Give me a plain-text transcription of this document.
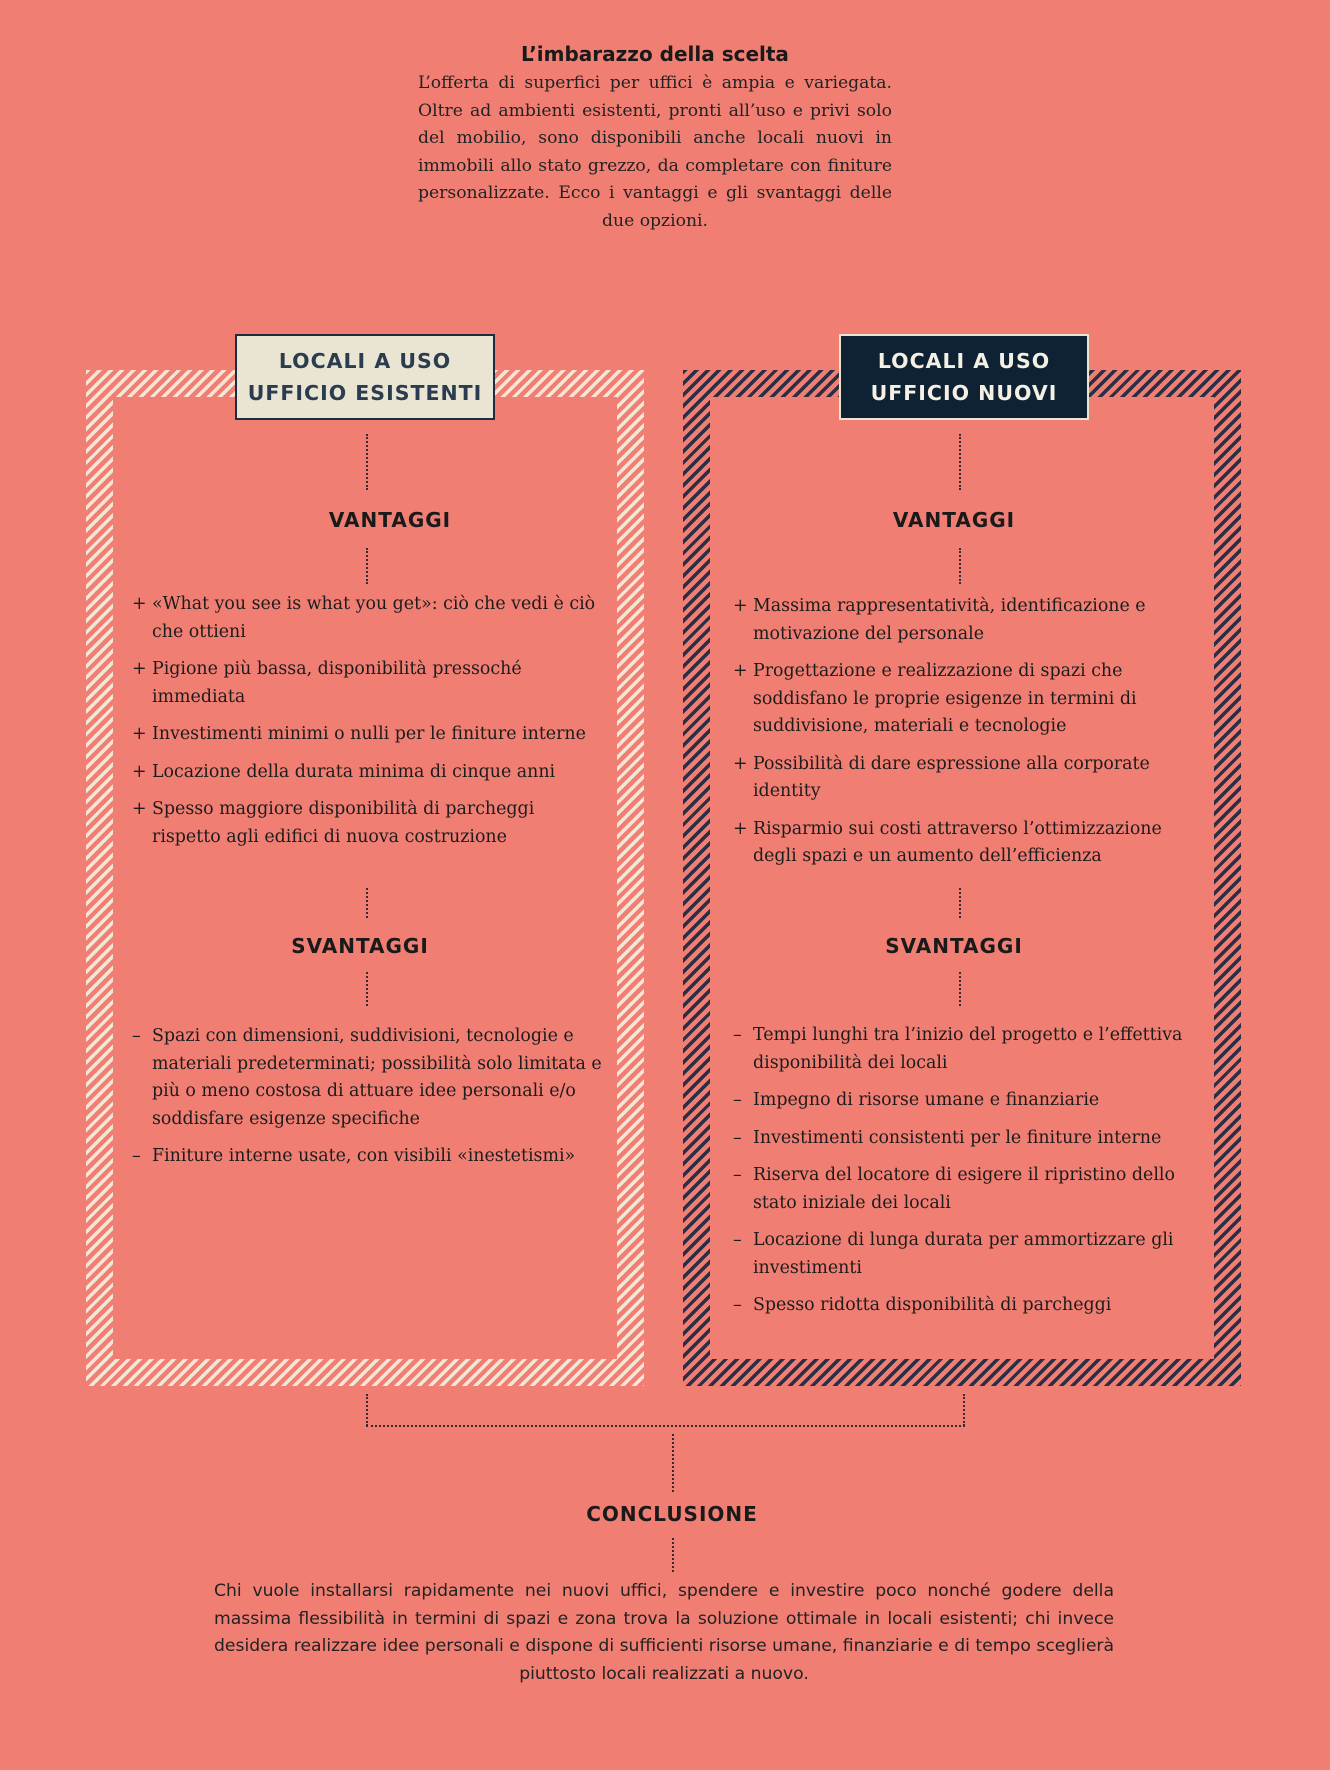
L’imbarazzo della scelta

L’offerta di superfici per uffici è ampia e variegata. Oltre ad ambienti esistenti, pronti all’uso e privi solo del mobilio, sono disponibili anche locali nuovi in immobili allo stato grezzo, da completare con finiture personalizzate. Ecco i vantaggi e gli svantaggi delle due opzioni.

LOCALI A USO
UFFICIO ESISTENTI
LOCALI A USO
UFFICIO NUOVI
VANTAGGI
+ «What you see is what you get»: ciò che vedi è ciò che ottieni
+ Pigione più bassa, disponibilità pressoché immediata
+ Investimenti minimi o nulli per le finiture interne
+ Locazione della durata minima di cinque anni
+ Spesso maggiore disponibilità di parcheggi rispetto agli edifici di nuova costruzione
SVANTAGGI
– Spazi con dimensioni, suddivisioni, tecnologie e materiali predeterminati; possibilità solo limitata e più o meno costosa di attuare idee personali e/o soddisfare esigenze specifiche
– Finiture interne usate, con visibili «inestetismi»
VANTAGGI
+ Massima rappresentatività, identificazione e motivazione del personale
+ Progettazione e realizzazione di spazi che soddisfano le proprie esigenze in termini di suddivisione, materiali e tecnologie
+ Possibilità di dare espressione alla corporate identity
+ Risparmio sui costi attraverso l’ottimizzazione degli spazi e un aumento dell’efficienza
SVANTAGGI
– Tempi lunghi tra l’inizio del progetto e l’effettiva disponibilità dei locali
– Impegno di risorse umane e finanziarie
– Investimenti consistenti per le finiture interne
– Riserva del locatore di esigere il ripristino dello stato iniziale dei locali
– Locazione di lunga durata per ammortizzare gli investimenti
– Spesso ridotta disponibilità di parcheggi
CONCLUSIONE

Chi vuole installarsi rapidamente nei nuovi uffici, spendere e investire poco nonché godere della massima flessibilità in termini di spazi e zona trova la soluzione ottimale in locali esistenti; chi invece desidera realizzare idee personali e dispone di sufficienti risorse umane, finanziarie e di tempo sceglierà piuttosto locali realizzati a nuovo.
